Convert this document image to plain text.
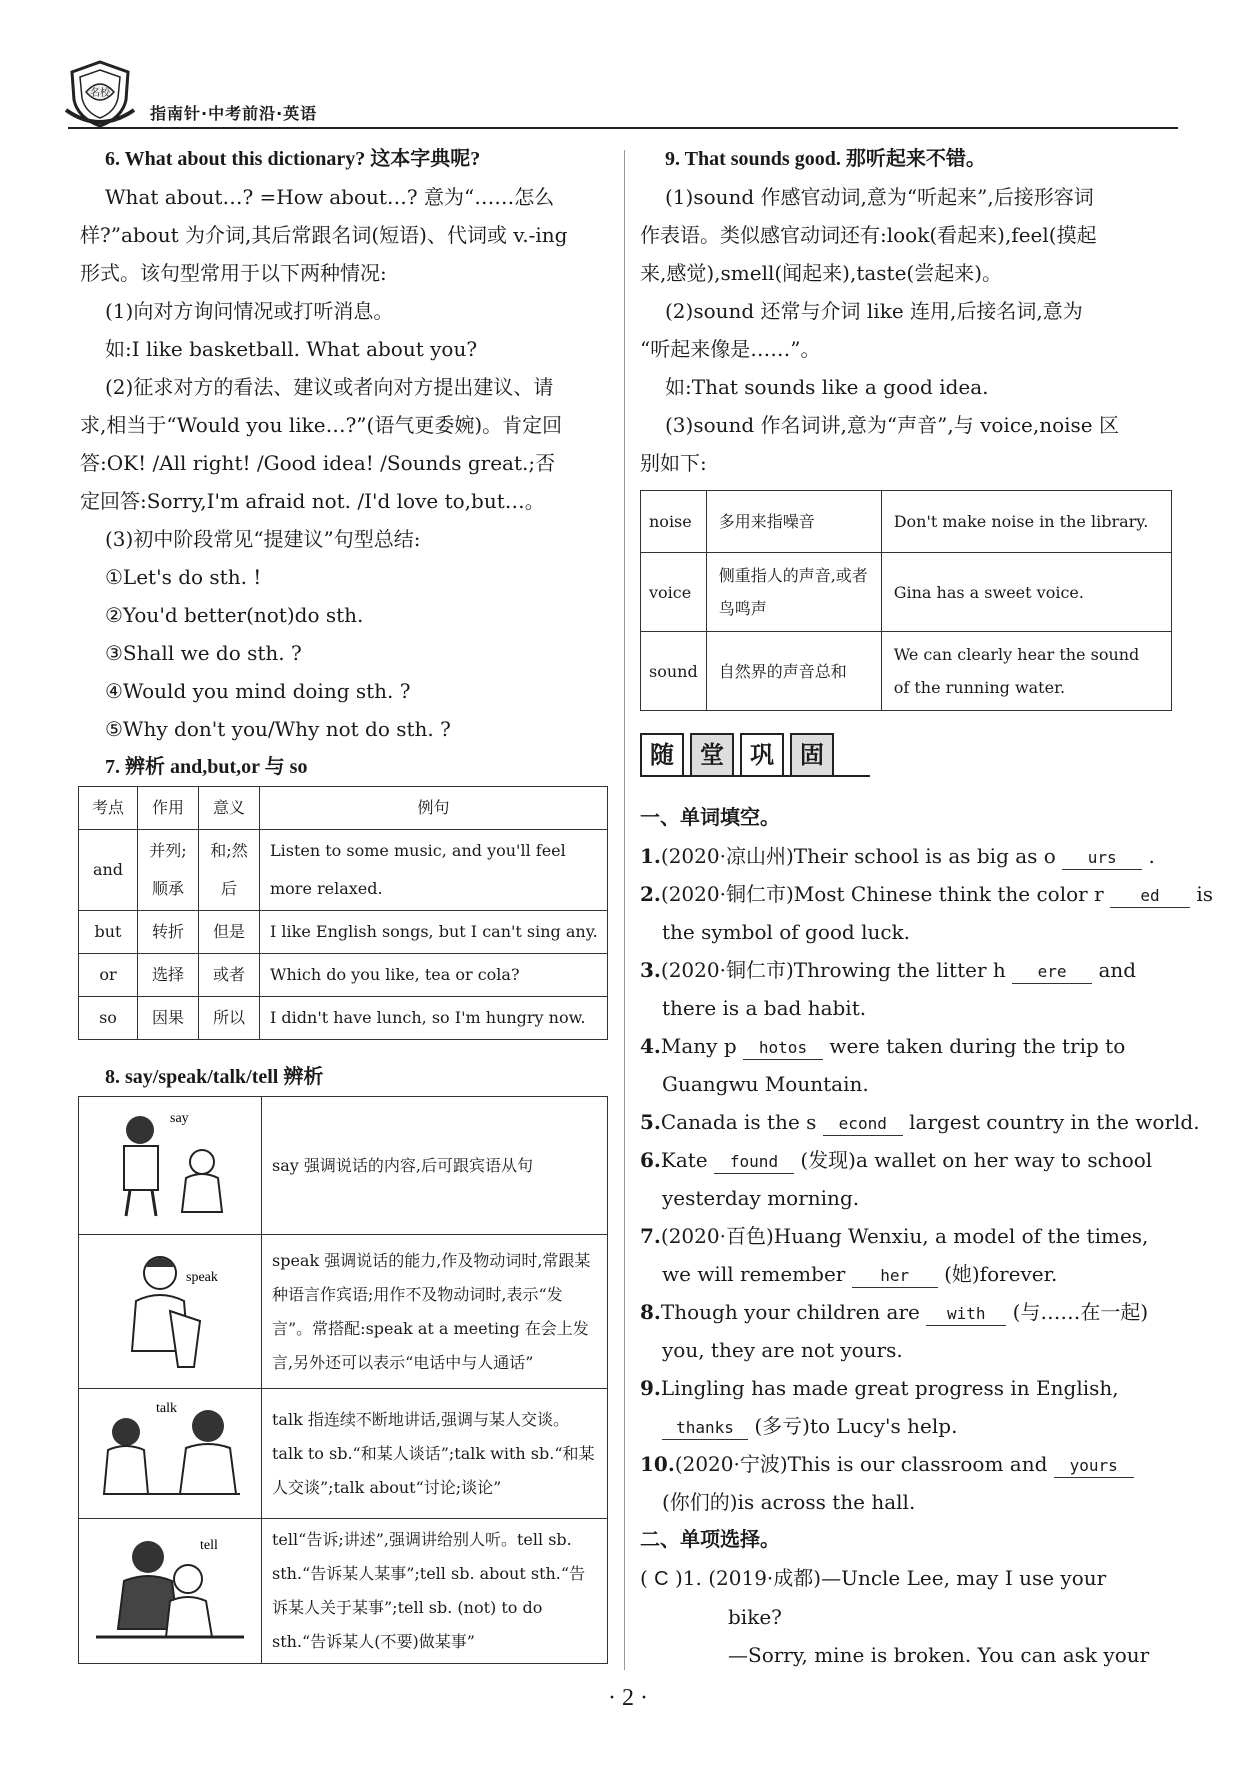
名校
指南针·中考前沿·英语

6. What about this dictionary? 这本字典呢?

What about…? =How about…? 意为“……怎么

样?”about 为介词,其后常跟名词(短语)、代词或 v.-ing

形式。该句型常用于以下两种情况:

(1)向对方询问情况或打听消息。

如:I like basketball. What about you?

(2)征求对方的看法、建议或者向对方提出建议、请

求,相当于“Would you like…?”(语气更委婉)。肯定回

答:OK! /All right! /Good idea! /Sounds great.;否

定回答:Sorry,I'm afraid not. /I'd love to,but…。

(3)初中阶段常见“提建议”句型总结:

①Let's do sth. !

②You'd better(not)do sth.

③Shall we do sth. ?

④Would you mind doing sth. ?

⑤Why don't you/Why not do sth. ?

7. 辨析 and,but,or 与 so

考点	作用	意义	例句
and	并列;顺承	和;然后	Listen to some music, and you'll feel more relaxed.
but	转折	但是	I like English songs, but I can't sing any.
or	选择	或者	Which do you like, tea or cola?
so	因果	所以	I didn't have lunch, so I'm hungry now.

8. say/speak/talk/tell 辨析

say	say 强调说话的内容,后可跟宾语从句

speak	speak 强调说话的能力,作及物动词时,常跟某种语言作宾语;用作不及物动词时,表示“发言”。常搭配:speak at a meeting 在会上发言,另外还可以表示“电话中与人通话”

talk	talk 指连续不断地讲话,强调与某人交谈。talk to sb.“和某人谈话”;talk with sb.“和某人交谈”;talk about“讨论;谈论”

tell	tell“告诉;讲述”,强调讲给别人听。tell sb. sth.“告诉某人某事”;tell sb. about sth.“告诉某人关于某事”;tell sb. (not) to do sth.“告诉某人(不要)做某事”

9. That sounds good. 那听起来不错。

(1)sound 作感官动词,意为“听起来”,后接形容词

作表语。类似感官动词还有:look(看起来),feel(摸起

来,感觉),smell(闻起来),taste(尝起来)。

(2)sound 还常与介词 like 连用,后接名词,意为

“听起来像是……”。

如:That sounds like a good idea.

(3)sound 作名词讲,意为“声音”,与 voice,noise 区

别如下:

noise	多用来指噪音	Don't make noise in the library.
voice	侧重指人的声音,或者鸟鸣声	Gina has a sweet voice.
sound	自然界的声音总和	We can clearly hear the sound of the running water.
随	堂	巩	固

一、单词填空。

1.(2020·凉山州)Their school is as big as o urs .

2.(2020·铜仁市)Most Chinese think the color r ed is

the symbol of good luck.

3.(2020·铜仁市)Throwing the litter h ere and

there is a bad habit.

4.Many p hotos were taken during the trip to

Guangwu Mountain.

5.Canada is the s econd largest country in the world.

6.Kate found (发现)a wallet on her way to school

yesterday morning.

7.(2020·百色)Huang Wenxiu, a model of the times,

we will remember her (她)forever.

8.Though your children are with (与……在一起)

you, they are not yours.

9.Lingling has made great progress in English,

thanks (多亏)to Lucy's help.

10.(2020·宁波)This is our classroom and yours

(你们的)is across the hall.

二、单项选择。

( C )1. (2019·成都)—Uncle Lee, may I use your

bike?

—Sorry, mine is broken. You can ask your

· 2 ·
